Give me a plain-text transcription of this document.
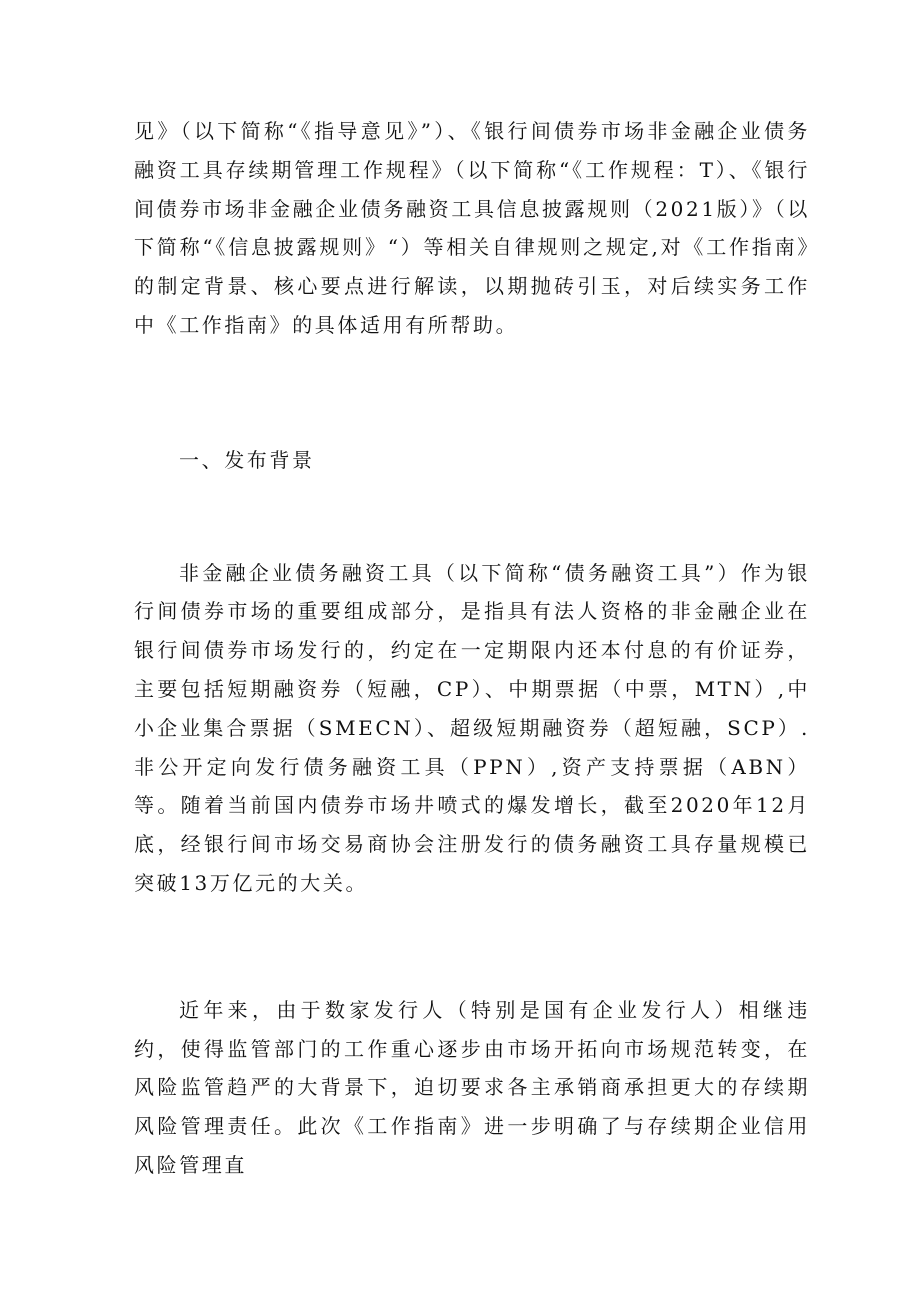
见》（以下简称“《指导意见》”）、《银行间债券市场非金融企业债务融资工具存续期管理工作规程》（以下简称“《工作规程：T）、《银行间债券市场非金融企业债务融资工具信息披露规则（2021版）》（以下简称“《信息披露规则》“）等相关自律规则之规定,对《工作指南》的制定背景、核心要点进行解读，以期抛砖引玉，对后续实务工作中《工作指南》的具体适用有所帮助。

一、发布背景

非金融企业债务融资工具（以下简称“债务融资工具”）作为银行间债券市场的重要组成部分，是指具有法人资格的非金融企业在银行间债券市场发行的，约定在一定期限内还本付息的有价证券，主要包括短期融资券（短融，CP）、中期票据（中票，MTN）,中小企业集合票据（SMECN）、超级短期融资券（超短融，SCP）.非公开定向发行债务融资工具（PPN）,资产支持票据（ABN）等。随着当前国内债券市场井喷式的爆发增长，截至2020年12月底，经银行间市场交易商协会注册发行的债务融资工具存量规模已突破13万亿元的大关。

近年来，由于数家发行人（特别是国有企业发行人）相继违约，使得监管部门的工作重心逐步由市场开拓向市场规范转变，在风险监管趋严的大背景下，迫切要求各主承销商承担更大的存续期风险管理责任。此次《工作指南》进一步明确了与存续期企业信用风险管理直
